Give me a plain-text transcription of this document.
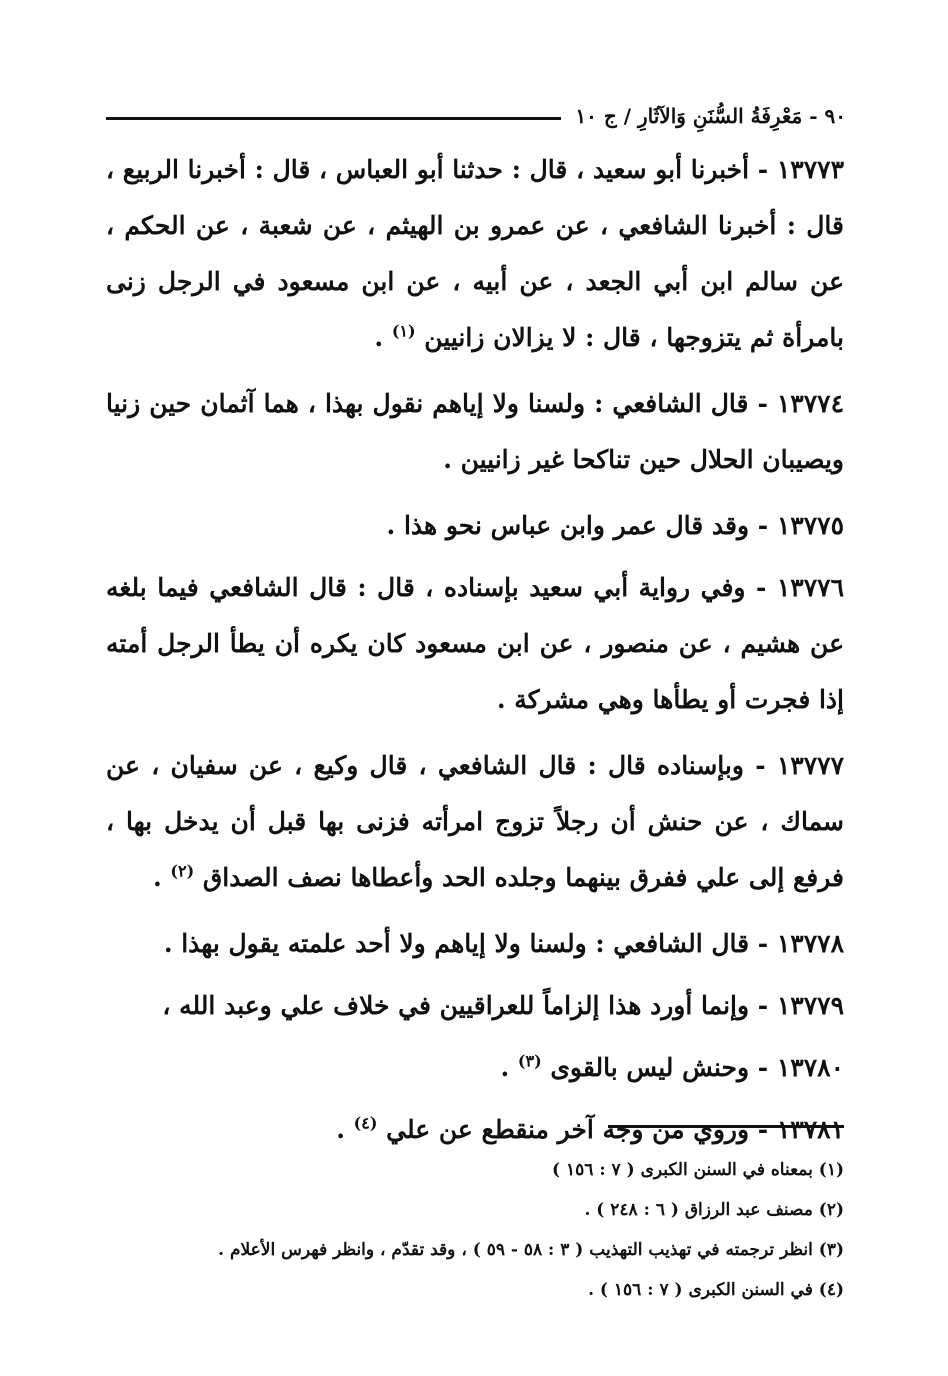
٩٠ - مَعْرِفَةُ السُّنَنِ وَالآثَارِ / ج ١٠

١٣٧٧٣ - أخبرنا أبو سعيد ، قال : حدثنا أبو العباس ، قال : أخبرنا الربيع ، قال : أخبرنا الشافعي ، عن عمرو بن الهيثم ، عن شعبة ، عن الحكم ، عن سالم ابن أبي الجعد ، عن أبيه ، عن ابن مسعود في الرجل زنى بامرأة ثم يتزوجها ، قال : لا يزالان زانيين $^{(١)}$ .

١٣٧٧٤ - قال الشافعي : ولسنا ولا إياهم نقول بهذا ، هما آثمان حين زنيا ويصيبان الحلال حين تناكحا غير زانيين .

١٣٧٧٥ - وقد قال عمر وابن عباس نحو هذا .

١٣٧٧٦ - وفي رواية أبي سعيد بإسناده ، قال : قال الشافعي فيما بلغه عن هشيم ، عن منصور ، عن ابن مسعود كان يكره أن يطأ الرجل أمته إذا فجرت أو يطأها وهي مشركة .

١٣٧٧٧ - وبإسناده قال : قال الشافعي ، قال وكيع ، عن سفيان ، عن سماك ، عن حنش أن رجلاً تزوج امرأته فزنى بها قبل أن يدخل بها ، فرفع إلى علي ففرق بينهما وجلده الحد وأعطاها نصف الصداق $^{(٢)}$ .

١٣٧٧٨ - قال الشافعي : ولسنا ولا إياهم ولا أحد علمته يقول بهذا .

١٣٧٧٩ - وإنما أورد هذا إلزاماً للعراقيين في خلاف علي وعبد الله ،

١٣٧٨٠ - وحنش ليس بالقوى $^{(٣)}$ .

١٣٧٨١ - وروي من وجه آخر منقطع عن علي $^{(٤)}$ .

(١) بمعناه في السنن الكبرى ( ٧ : ١٥٦ )

(٢) مصنف عبد الرزاق ( ٦ : ٢٤٨ ) .

(٣) انظر ترجمته في تهذيب التهذيب ( ٣ : ٥٨ - ٥٩ ) ، وقد تقدّم ، وانظر فهرس الأعلام .

(٤) في السنن الكبرى ( ٧ : ١٥٦ ) .
